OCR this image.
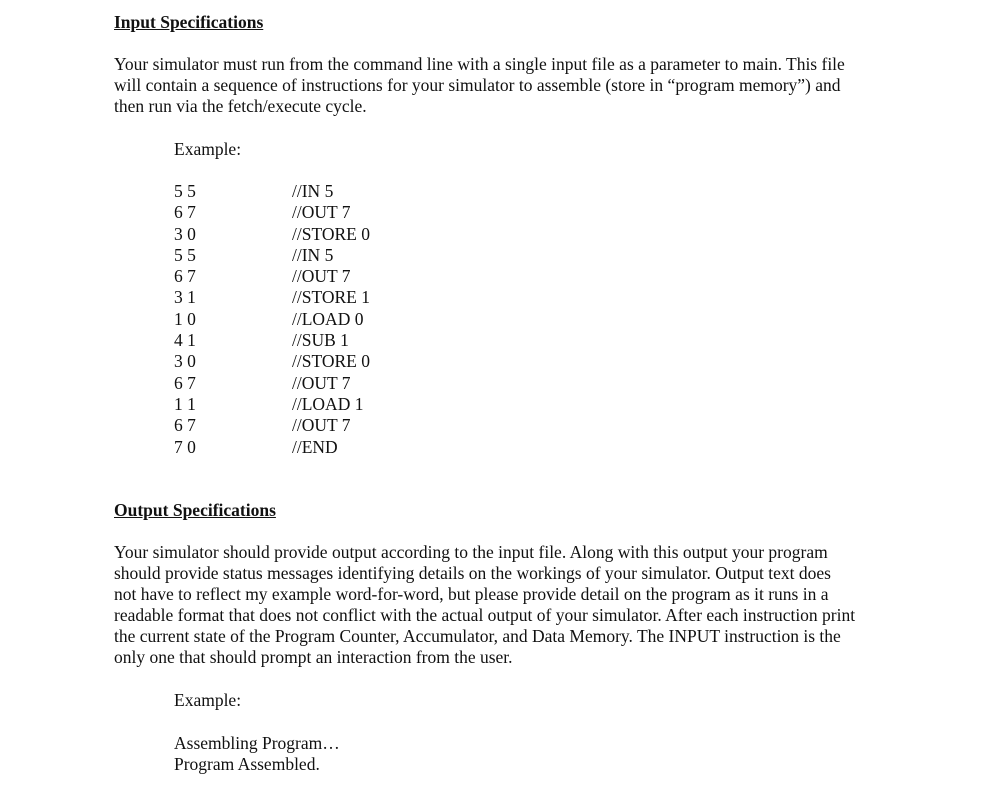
Input Specifications
Your simulator must run from the command line with a single input file as a parameter to main. This file
will contain a sequence of instructions for your simulator to assemble (store in “program memory”) and
then run via the fetch/execute cycle.
Example:
5 5	//IN 5
6 7	//OUT 7
3 0	//STORE 0
5 5	//IN 5
6 7	//OUT 7
3 1	//STORE 1
1 0	//LOAD 0
4 1	//SUB 1
3 0	//STORE 0
6 7	//OUT 7
1 1	//LOAD 1
6 7	//OUT 7
7 0	//END
Output Specifications
Your simulator should provide output according to the input file. Along with this output your program
should provide status messages identifying details on the workings of your simulator. Output text does
not have to reflect my example word-for-word, but please provide detail on the program as it runs in a
readable format that does not conflict with the actual output of your simulator. After each instruction print
the current state of the Program Counter, Accumulator, and Data Memory. The INPUT instruction is the
only one that should prompt an interaction from the user.
Example:
Assembling Program…
Program Assembled.
